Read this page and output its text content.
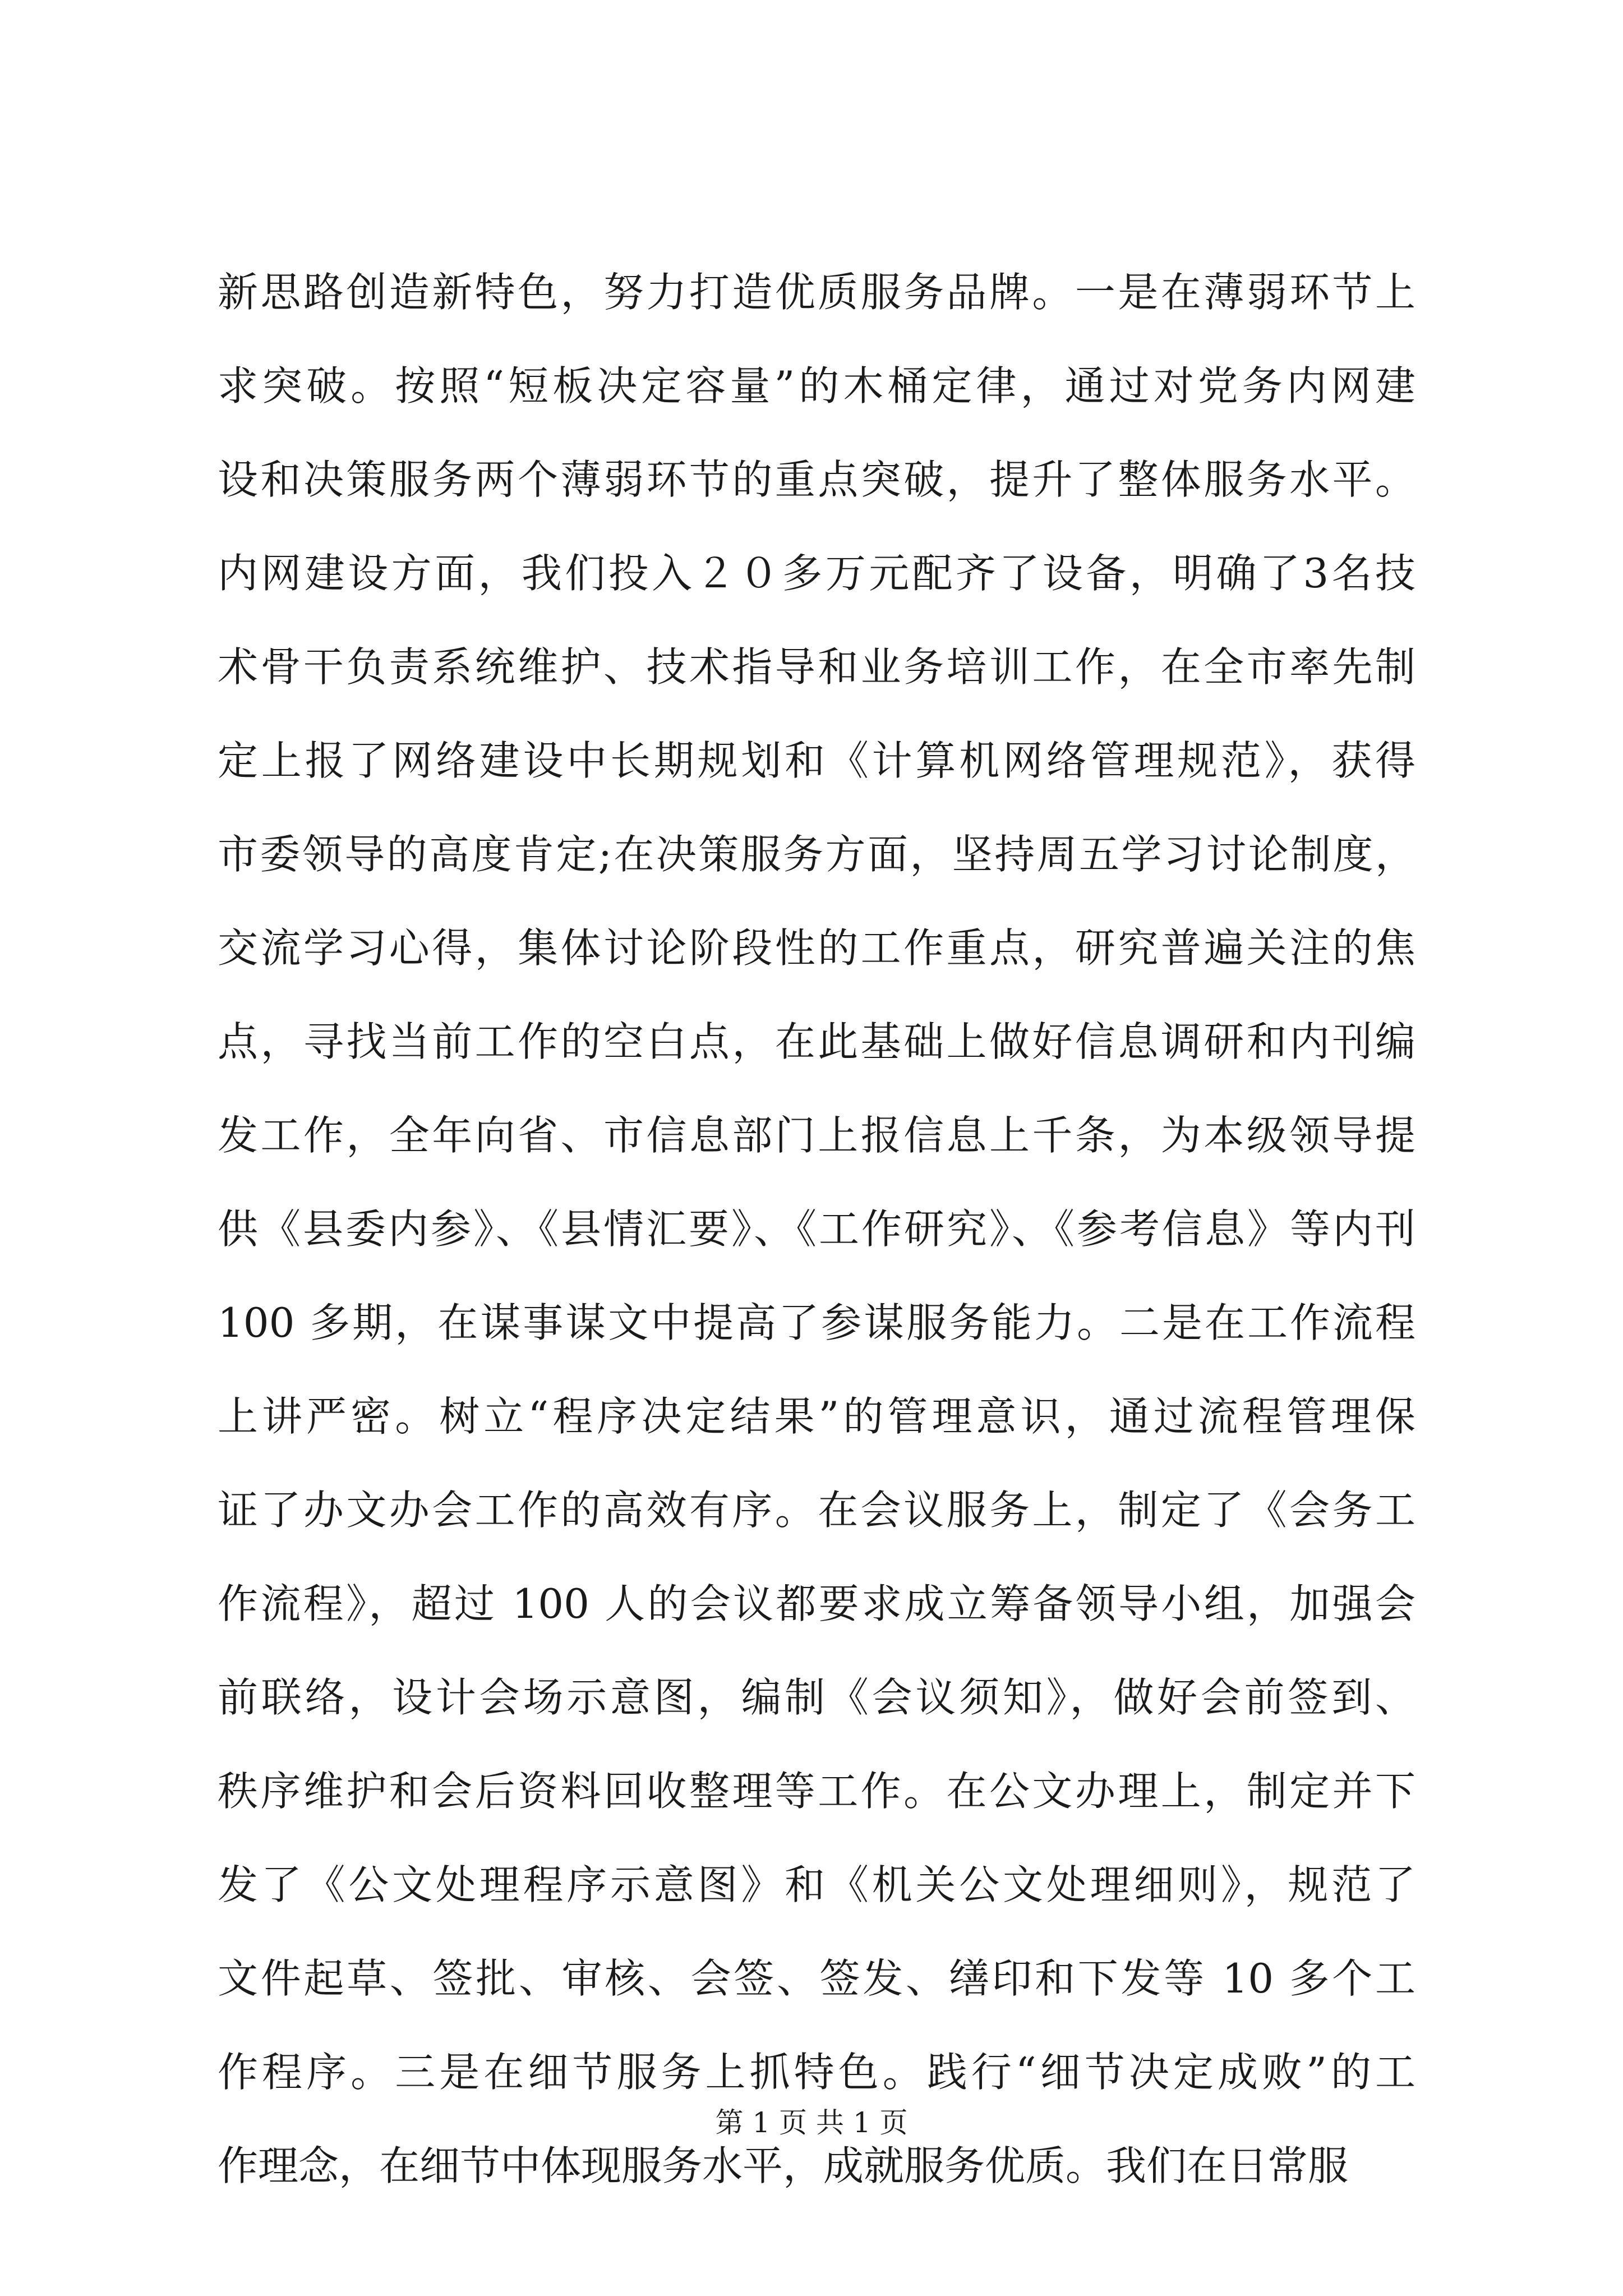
新思路创造新特色，努力打造优质服务品牌。一是在薄弱环节上
求突破。按照“短板决定容量”的木桶定律，通过对党务内网建
设和决策服务两个薄弱环节的重点突破，提升了整体服务水平。
内网建设方面，我们投入２０多万元配齐了设备，明确了3名技
术骨干负责系统维护、技术指导和业务培训工作，在全市率先制
定上报了网络建设中长期规划和《计算机网络管理规范》，获得
市委领导的高度肯定;在决策服务方面，坚持周五学习讨论制度，
交流学习心得，集体讨论阶段性的工作重点，研究普遍关注的焦
点，寻找当前工作的空白点，在此基础上做好信息调研和内刊编
发工作，全年向省、市信息部门上报信息上千条，为本级领导提
供《县委内参》、《县情汇要》、《工作研究》、《参考信息》等内刊
100 多期，在谋事谋文中提高了参谋服务能力。二是在工作流程
上讲严密。树立“程序决定结果”的管理意识，通过流程管理保
证了办文办会工作的高效有序。在会议服务上，制定了《会务工
作流程》，超过 100 人的会议都要求成立筹备领导小组，加强会
前联络，设计会场示意图，编制《会议须知》，做好会前签到、
秩序维护和会后资料回收整理等工作。在公文办理上，制定并下
发了《公文处理程序示意图》和《机关公文处理细则》，规范了
文件起草、签批、审核、会签、签发、缮印和下发等 10 多个工
作程序。三是在细节服务上抓特色。践行“细节决定成败”的工
作理念，在细节中体现服务水平，成就服务优质。我们在日常服
第 1 页 共 1 页
